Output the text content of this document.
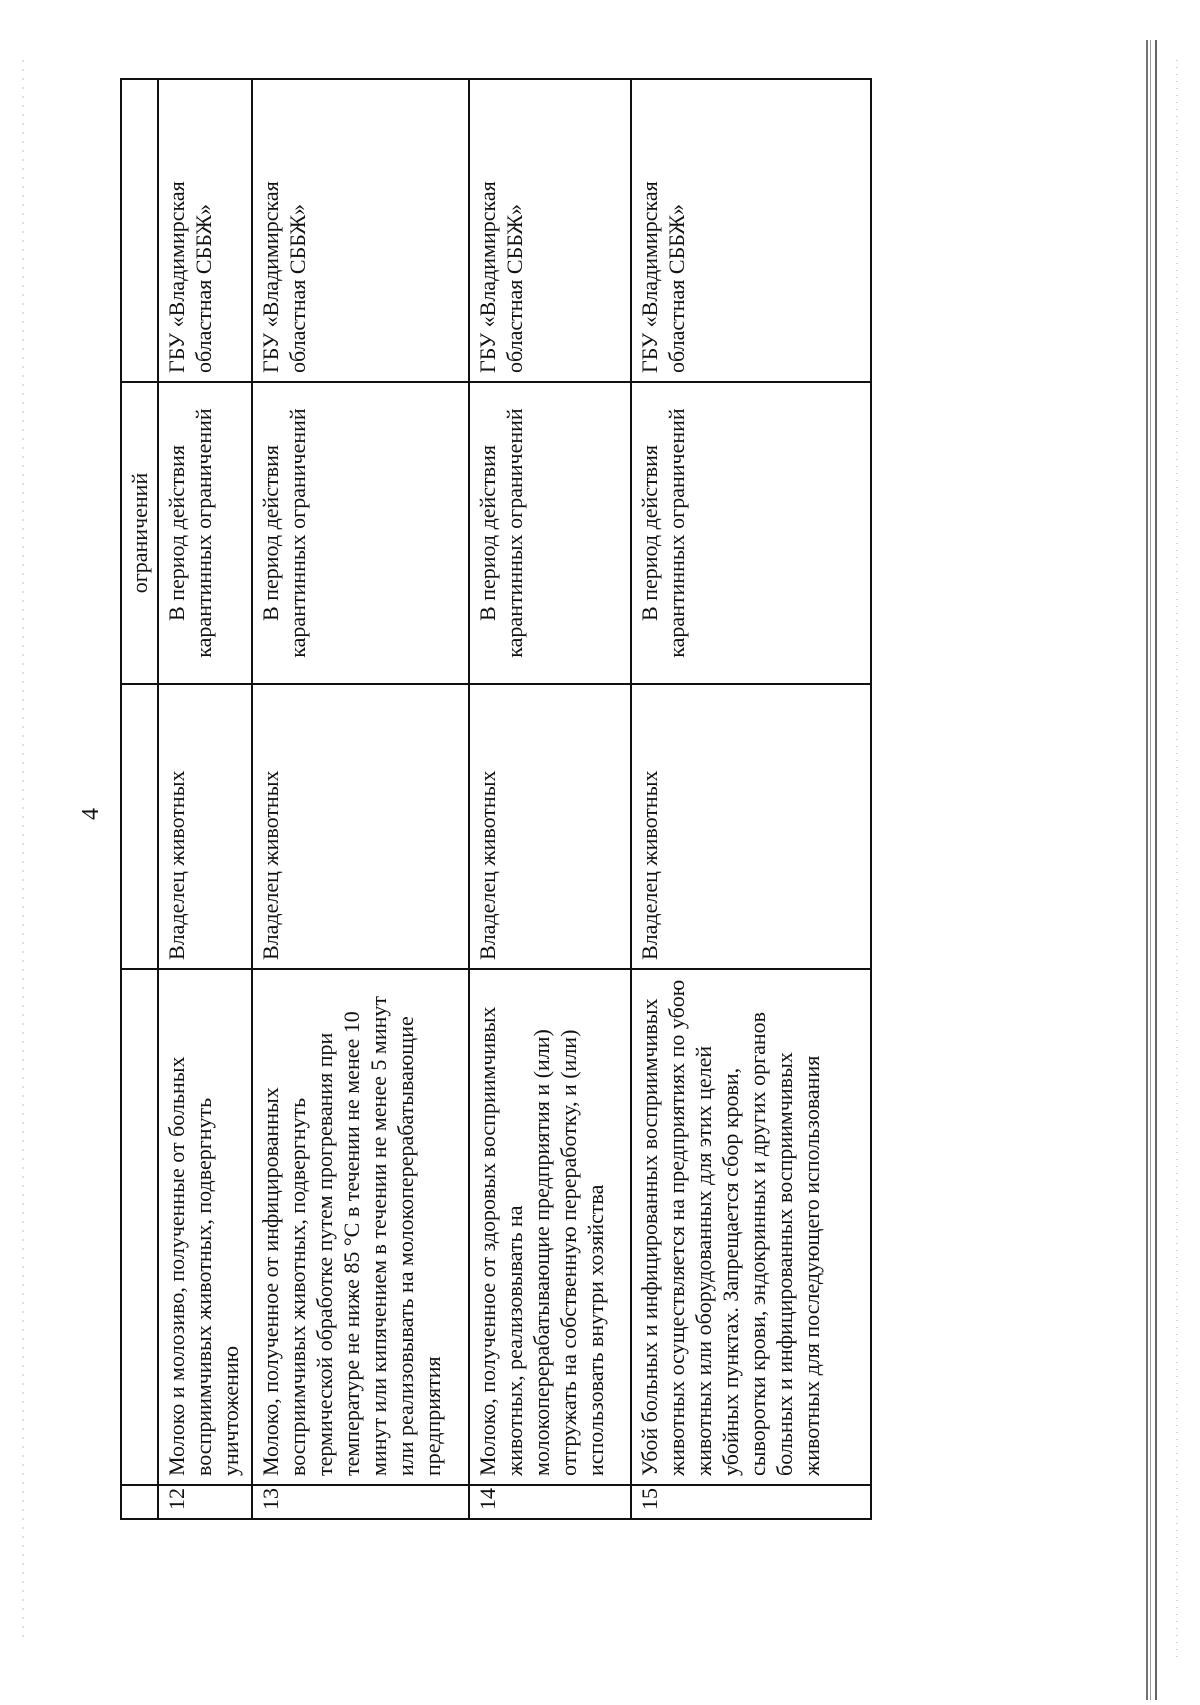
4
			ограничений	
12	Молоко и молозиво, полученные от больных восприимчивых животных, подвергнуть уничтожению	Владелец животных	В период действия карантинных ограничений	ГБУ «Владимирская областная СББЖ»
13	Молоко, полученное от инфицированных восприимчивых животных, подвергнуть термической обработке путем прогревания при температуре не ниже 85 °С в течении не менее 10 минут или кипячением в течении не менее 5 минут или реализовывать на молокоперерабатывающие предприятия	Владелец животных	В период действия карантинных ограничений	ГБУ «Владимирская областная СББЖ»
14	Молоко, полученное от здоровых восприимчивых животных, реализовывать на молокоперерабатывающие предприятия и (или) отгружать на собственную переработку, и (или) использовать внутри хозяйства	Владелец животных	В период действия карантинных ограничений	ГБУ «Владимирская областная СББЖ»
15	Убой больных и инфицированных восприимчивых животных осуществляется на предприятиях по убою животных или оборудованных для этих целей убойных пунктах. Запрещается сбор крови, сыворотки крови, эндокринных и других органов больных и инфицированных восприимчивых животных для последующего использования	Владелец животных	В период действия карантинных ограничений	ГБУ «Владимирская областная СББЖ»
